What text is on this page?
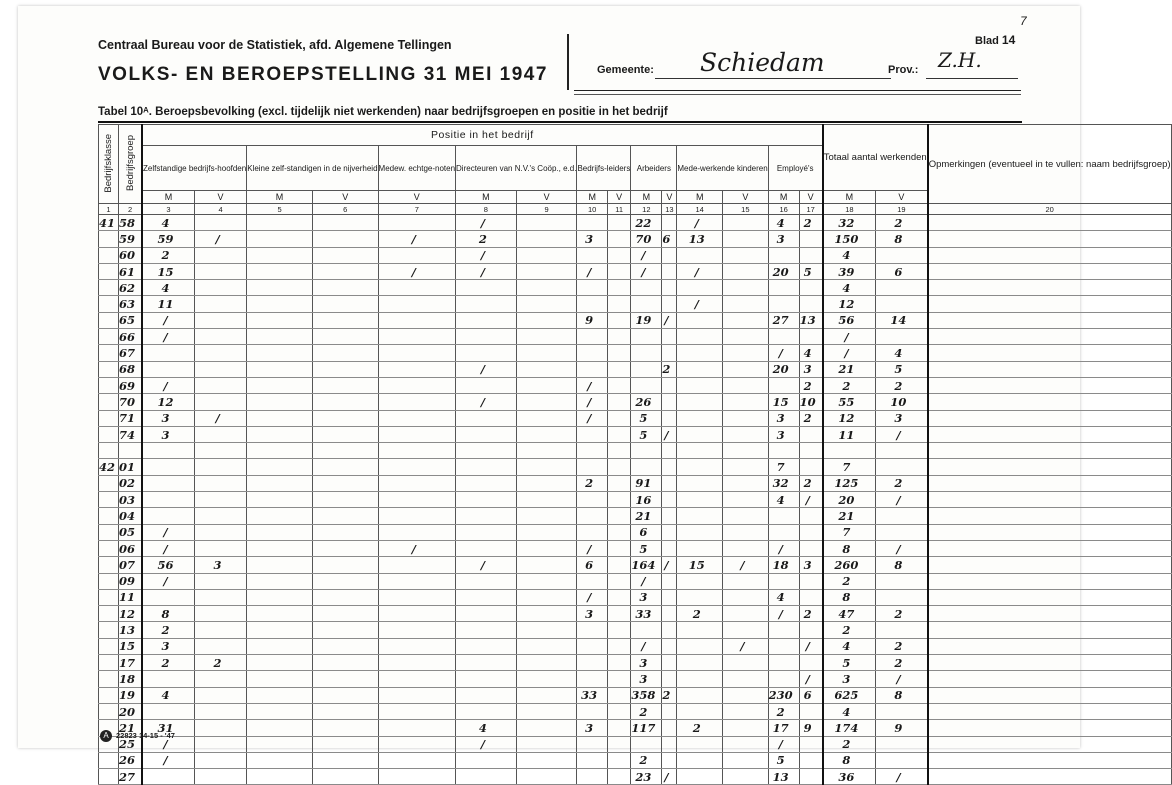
Centraal Bureau voor de Statistiek, afd. Algemene Tellingen
VOLKS- EN BEROEPSTELLING 31 MEI 1947	Gemeente: Schiedam	Prov.: Z.H.
Blad 14
7
Tabel 10ᴬ. Beroepsbevolking (excl. tijdelijk niet werkenden) naar bedrijfsgroepen en positie in het bedrijf
Bedrijfsklasse	Bedrijfsgroep	Positie in het bedrijf															Totaal aantal werkenden		Opmerkingen (eventueel in te vullen: naam bedrijfsgroep)
		Zelfstandige bedrijfs-hoofden		Kleine zelf-standigen in de nijverheid		Medew. echtge-noten	Directeuren van N.V.'s Coöp., e.d.		Bedrijfs-leiders		Arbeiders		Mede-werkende kinderen		Employé's				
		M	V	M	V	V	M	V	M	V	M	V	M	V	M	V	M	V	
1	2	3	4	5	6	7	8	9	10	11	12	13	14	15	16	17	18	19	20
41	58	4					/				22		/		4	2	32	2	
	59	59	/			/	2		3		70	6	13		3		150	8	
	60	2					/				/						4		
	61	15				/	/		/		/		/		20	5	39	6	
	62	4															4		
	63	11											/				12		
	65	/							9		19	/			27	13	56	14	
	66	/															/		
	67														/	4	/	4	
	68						/					2			20	3	21	5	
	69	/							/							2	2	2	
	70	12					/		/		26				15	10	55	10	
	71	3	/						/		5				3	2	12	3	
	74	3									5	/			3		11	/	

42	01														7		7		
	02								2		91				32	2	125	2	
	03										16				4	/	20	/	
	04										21						21		
	05	/									6						7		
	06	/				/			/		5				/		8	/	
	07	56	3				/		6		164	/	15	/	18	3	260	8	
	09	/									/						2		
	11								/		3				4		8		
	12	8							3		33		2		/	2	47	2	
	13	2															2		
	15	3									/			/		/	4	2	
	17	2	2								3						5	2	
	18										3					/	3	/	
	19	4							33		358	2			230	6	625	8	
	20										2				2		4		
	21	31					4		3		117		2		17	9	174	9	
	25	/					/								/		2		
	26	/									2				5		8		
	27										23	/			13		36	/	
A 22823 14-15 - '47
